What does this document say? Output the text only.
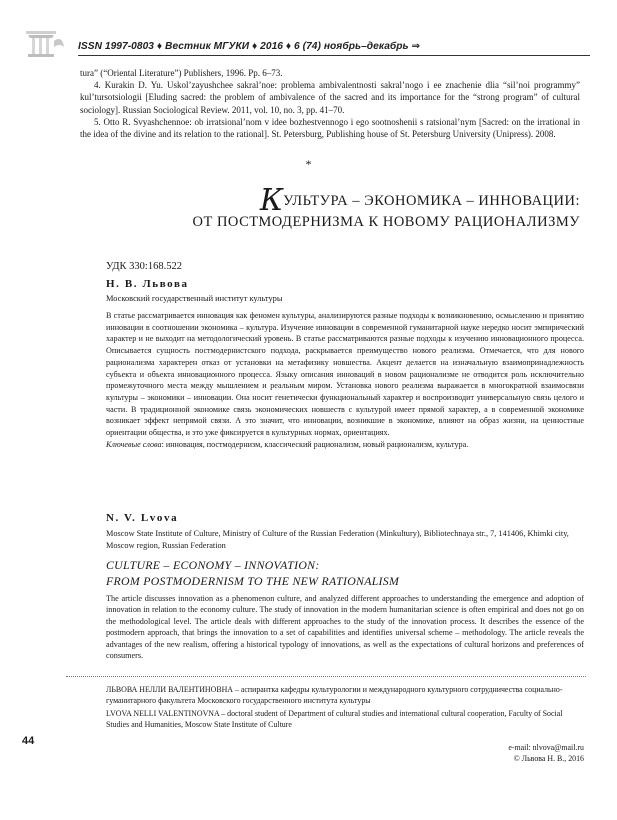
ISSN 1997-0803 ♦ Вестник МГУКИ ♦ 2016 ♦ 6 (74) ноябрь–декабрь ⇒

tura” (“Oriental Literature”) Publishers, 1996. Pp. 6–73.

4. Kurakin D. Yu. Uskol’zayushchee sakral’noe: problema ambivalentnosti sakral’nogo i ee znachenie dlia “sil’noi programmy” kul’tursotsiologii [Eluding sacred: the problem of ambivalence of the sacred and its importance for the “strong program” of cultural sociology]. Russian Sociological Review. 2011, vol. 10, no. 3, pp. 41–70.

5. Otto R. Svyashchennoe: ob irratsional’nom v idee bozhestvennogo i ego sootnoshenii s ratsional’nym [Sacred: on the irrational in the idea of the divine and its relation to the rational]. St. Petersburg, Publishing house of St. Petersburg University (Unipress). 2008.

*
КУЛЬТУРА – ЭКОНОМИКА – ИННОВАЦИИ:
ОТ ПОСТМОДЕРНИЗМА К НОВОМУ РАЦИОНАЛИЗМУ
УДК 330:168.522
Н. В. Львова
Московский государственный институт культуры

В статье рассматривается инновация как феномен культуры, анализируются разные подходы к возникновению, осмыслению и принятию инновации в соотношении экономика – культура. Изучение инновации в современной гуманитарной науке нередко носит эмпирический характер и не выходит на методологический уровень. В статье рассматриваются разные подходы к изучению инновационного процесса. Описывается сущность постмодернистского подхода, раскрывается преимущество нового реализма. Отмечается, что для нового рационализма характерен отказ от установки на метафизику новшества. Акцент делается на изначальную взаимопринадлежность субъекта и объекта инновационного процесса. Языку описания инноваций в новом рационализме не отводится роль исключительно промежуточного места между мышлением и реальным миром. Установка нового реализма выражается в многократной взаимосвязи культуры – экономики – инновации. Она носит генетически функциональный характер и воспроизводит универсальную связь целого и части. В традиционной экономике связь экономических новшеств с культурой имеет прямой характер, а в современной экономике возникает эффект непрямой связи. А это значит, что инновации, возникшие в экономике, влияют на образ жизни, на ценностные ориентации общества, и это уже фиксируется в культурных нормах, ориентациях.

Ключевые слова: инновация, постмодернизм, классический рационализм, новый рационализм, культура.

N. V. Lvova
Moscow State Institute of Culture, Ministry of Culture of the Russian Federation (Minkultury), Bibliotechnaya str., 7, 141406, Khimki city, Moscow region, Russian Federation
CULTURE – ECONOMY – INNOVATION:
FROM POSTMODERNISM TO THE NEW RATIONALISM
The article discusses innovation as a phenomenon culture, and analyzed different approaches to understanding the emergence and adoption of innovation in relation to the economy culture. The study of innovation in the modern humanitarian science is often empirical and does not go on the methodological level. The article deals with different approaches to the study of the innovation process. It describes the essence of the postmodern approach, that brings the innovation to a set of capabilities and identifies universal scheme – methodology. The article reveals the advantages of the new realism, offering a historical typology of innovations, as well as the expectations of cultural horizons and preferences of consumers.

ЛЬВОВА НЕЛЛИ ВАЛЕНТИНОВНА – аспирантка кафедры культурологии и международного культурного сотрудничества социально-гуманитарного факультета Московского государственного института культуры

LVOVA NELLI VALENTINOVNA – doctoral student of Department of cultural studies and international cultural cooperation, Faculty of Social Studies and Humanities, Moscow State Institute of Culture

e-mail: nlvova@mail.ru
© Львова Н. В., 2016
44
